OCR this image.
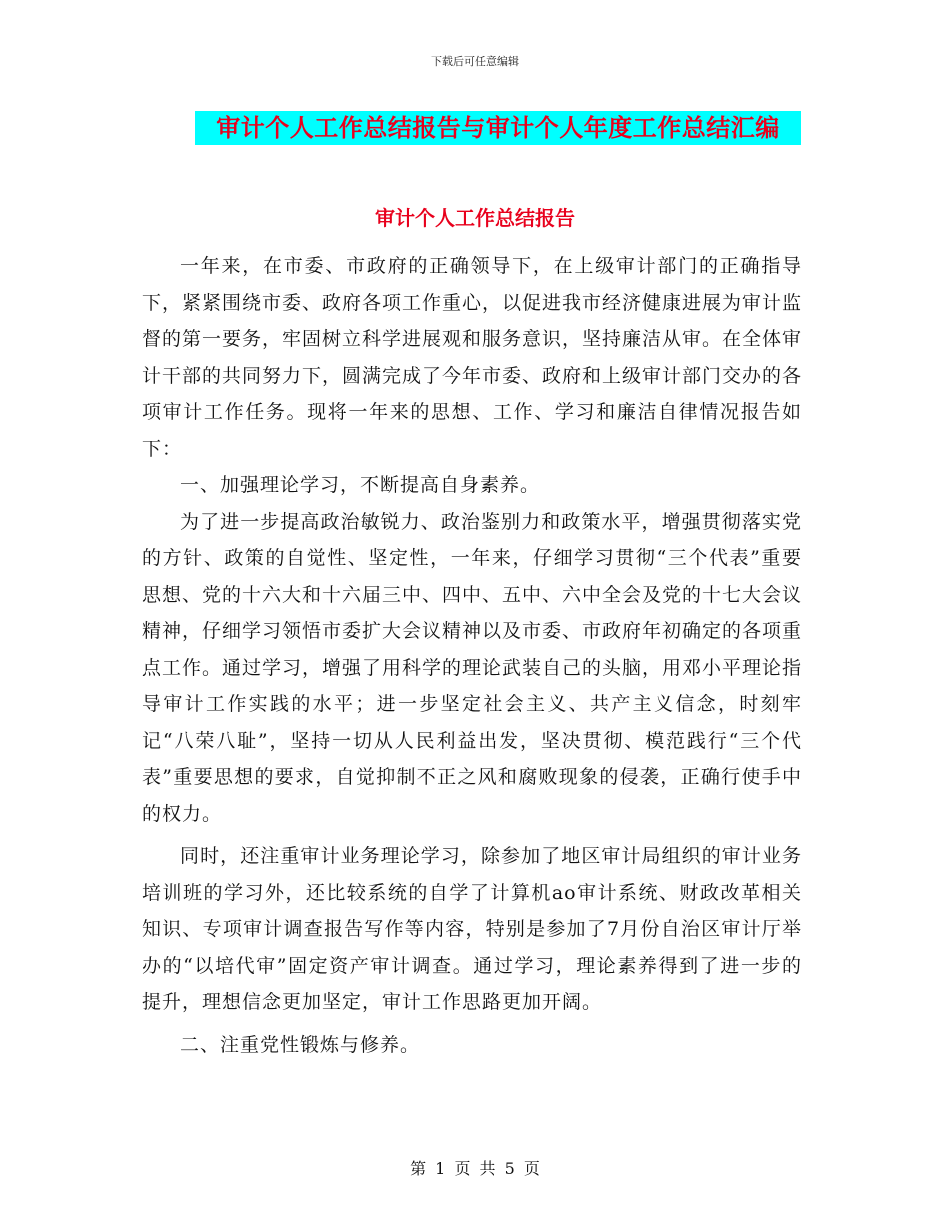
下载后可任意编辑
审计个人工作总结报告与审计个人年度工作总结汇编
审计个人工作总结报告

一年来，在市委、市政府的正确领导下，在上级审计部门的正确指导下，紧紧围绕市委、政府各项工作重心，以促进我市经济健康进展为审计监督的第一要务，牢固树立科学进展观和服务意识，坚持廉洁从审。在全体审计干部的共同努力下，圆满完成了今年市委、政府和上级审计部门交办的各项审计工作任务。现将一年来的思想、工作、学习和廉洁自律情况报告如下：

一、加强理论学习，不断提高自身素养。

为了进一步提高政治敏锐力、政治鉴别力和政策水平，增强贯彻落实党的方针、政策的自觉性、坚定性，一年来，仔细学习贯彻“三个代表”重要思想、党的十六大和十六届三中、四中、五中、六中全会及党的十七大会议精神，仔细学习领悟市委扩大会议精神以及市委、市政府年初确定的各项重点工作。通过学习，增强了用科学的理论武装自己的头脑，用邓小平理论指导审计工作实践的水平；进一步坚定社会主义、共产主义信念，时刻牢记“八荣八耻”，坚持一切从人民利益出发，坚决贯彻、模范践行“三个代表”重要思想的要求，自觉抑制不正之风和腐败现象的侵袭，正确行使手中的权力。

同时，还注重审计业务理论学习，除参加了地区审计局组织的审计业务培训班的学习外，还比较系统的自学了计算机ao审计系统、财政改革相关知识、专项审计调查报告写作等内容，特别是参加了7月份自治区审计厅举办的“以培代审”固定资产审计调查。通过学习，理论素养得到了进一步的提升，理想信念更加坚定，审计工作思路更加开阔。

二、注重党性锻炼与修养。

第 1 页 共 5 页
